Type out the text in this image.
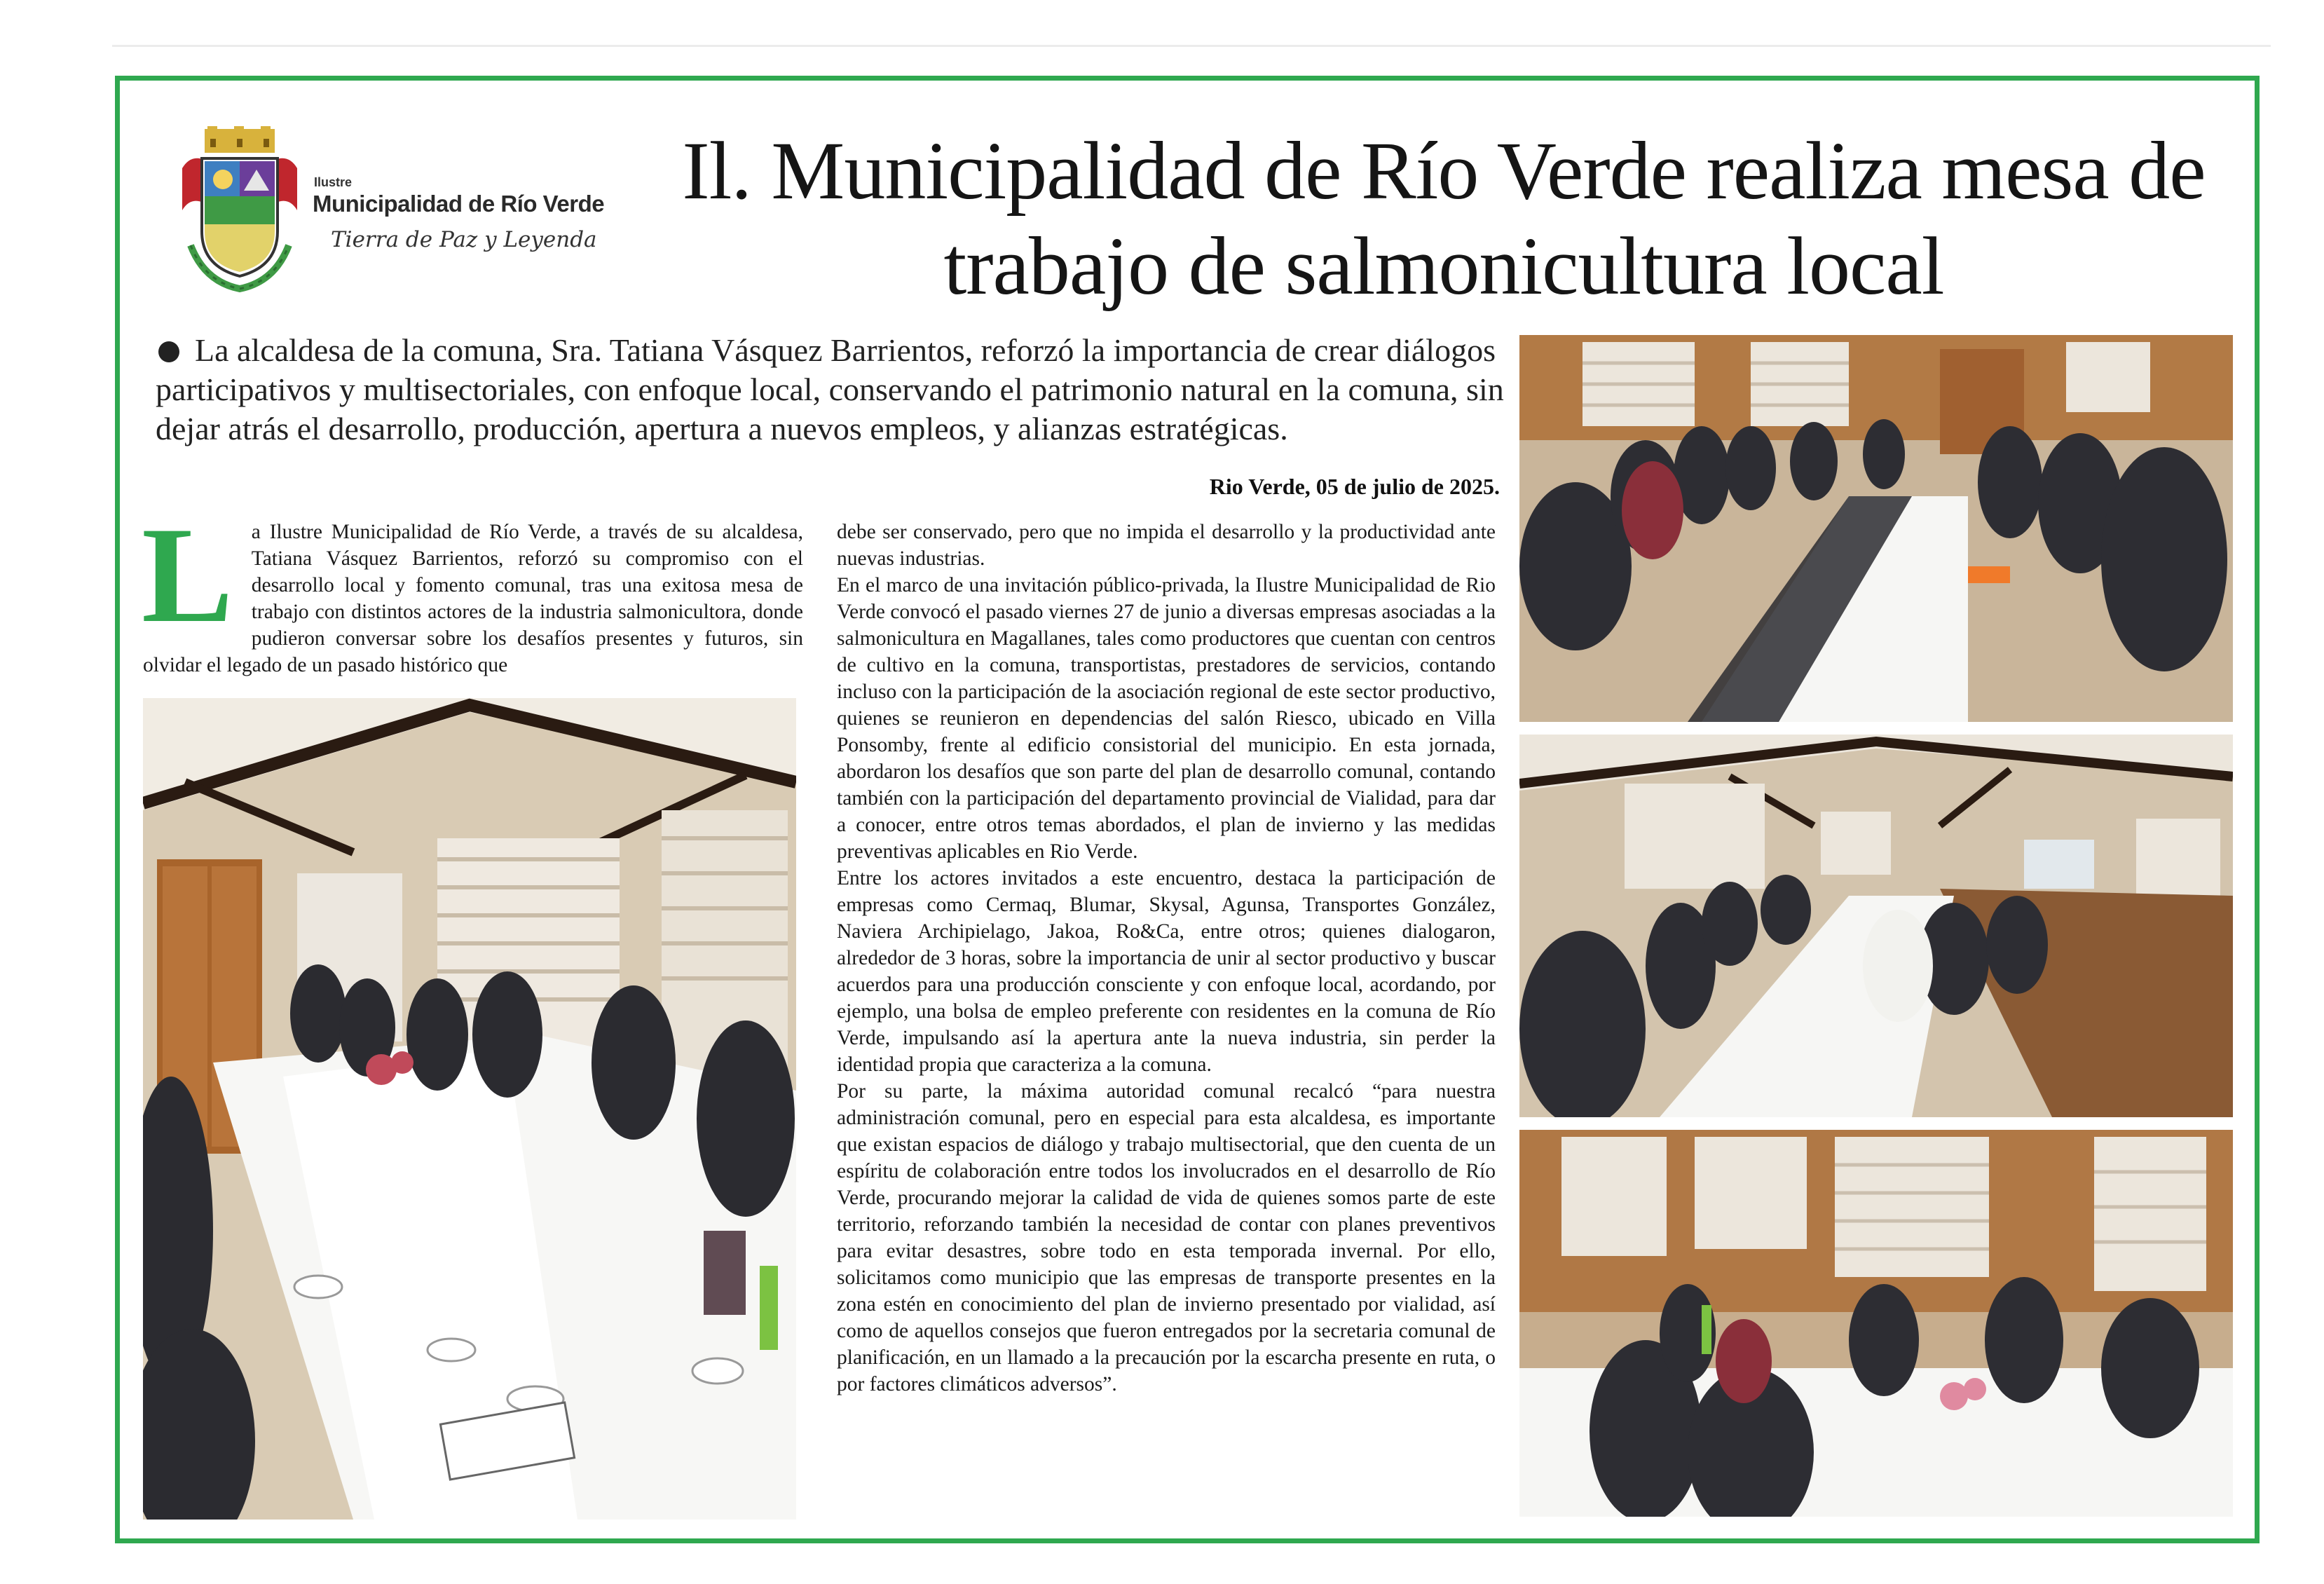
Ilustre
Municipalidad de Río Verde
Tierra de Paz y Leyenda
Il. Municipalidad de Río Verde realiza mesa de
trabajo de salmonicultura local
La alcaldesa de la comuna, Sra. Tatiana Vásquez Barrientos, reforzó la importancia de crear diálogos participativos y multisectoriales, con enfoque local, conservando el patrimonio natural en la comuna, sin dejar atrás el desarrollo, producción, apertura a nuevos empleos, y alianzas estratégicas.
Rio Verde, 05 de julio de 2025.
L a Ilustre Municipalidad de Río Verde, a través de su alcaldesa, Tatiana Vásquez Barrientos, reforzó su compromiso con el desarrollo local y fomento comunal, tras una exitosa mesa de trabajo con distintos actores de la industria salmonicultora, donde pudieron conversar sobre los desafíos presentes y futuros, sin olvidar el legado de un pasado histórico que

debe ser conservado, pero que no impida el desarrollo y la productividad ante nuevas industrias.

En el marco de una invitación público-privada, la Ilustre Municipalidad de Rio Verde convocó el pasado viernes 27 de junio a diversas empresas asociadas a la salmonicultura en Magallanes, tales como productores que cuentan con centros de cultivo en la comuna, transportistas, prestadores de servicios, contando incluso con la participación de la asociación regional de este sector productivo, quienes se reunieron en dependencias del salón Riesco, ubicado en Villa Ponsomby, frente al edificio consistorial del municipio. En esta jornada, abordaron los desafíos que son parte del plan de desarrollo comunal, contando también con la participación del departamento provincial de Vialidad, para dar a conocer, entre otros temas abordados, el plan de invierno y las medidas preventivas aplicables en Rio Verde.

Entre los actores invitados a este encuentro, destaca la participación de empresas como Cermaq, Blumar, Skysal, Agunsa, Transportes González, Naviera Archipielago, Jakoa, Ro&Ca, entre otros; quienes dialogaron, alrededor de 3 horas, sobre la importancia de unir al sector productivo y buscar acuerdos para una producción consciente y con enfoque local, acordando, por ejemplo, una bolsa de empleo preferente con residentes en la comuna de Río Verde, impulsando así la apertura ante la nueva industria, sin perder la identidad propia que caracteriza a la comuna.

Por su parte, la máxima autoridad comunal recalcó “para nuestra administración comunal, pero en especial para esta alcaldesa, es importante que existan espacios de diálogo y trabajo multisectorial, que den cuenta de un espíritu de colaboración entre todos los involucrados en el desarrollo de Río Verde, procurando mejorar la calidad de vida de quienes somos parte de este territorio, reforzando también la necesidad de contar con planes preventivos para evitar desastres, sobre todo en esta temporada invernal. Por ello, solicitamos como municipio que las empresas de transporte presentes en la zona estén en conocimiento del plan de invierno presentado por vialidad, así como de aquellos consejos que fueron entregados por la secretaria comunal de planificación, en un llamado a la precaución por la escarcha presente en ruta, o por factores climáticos adversos”.
